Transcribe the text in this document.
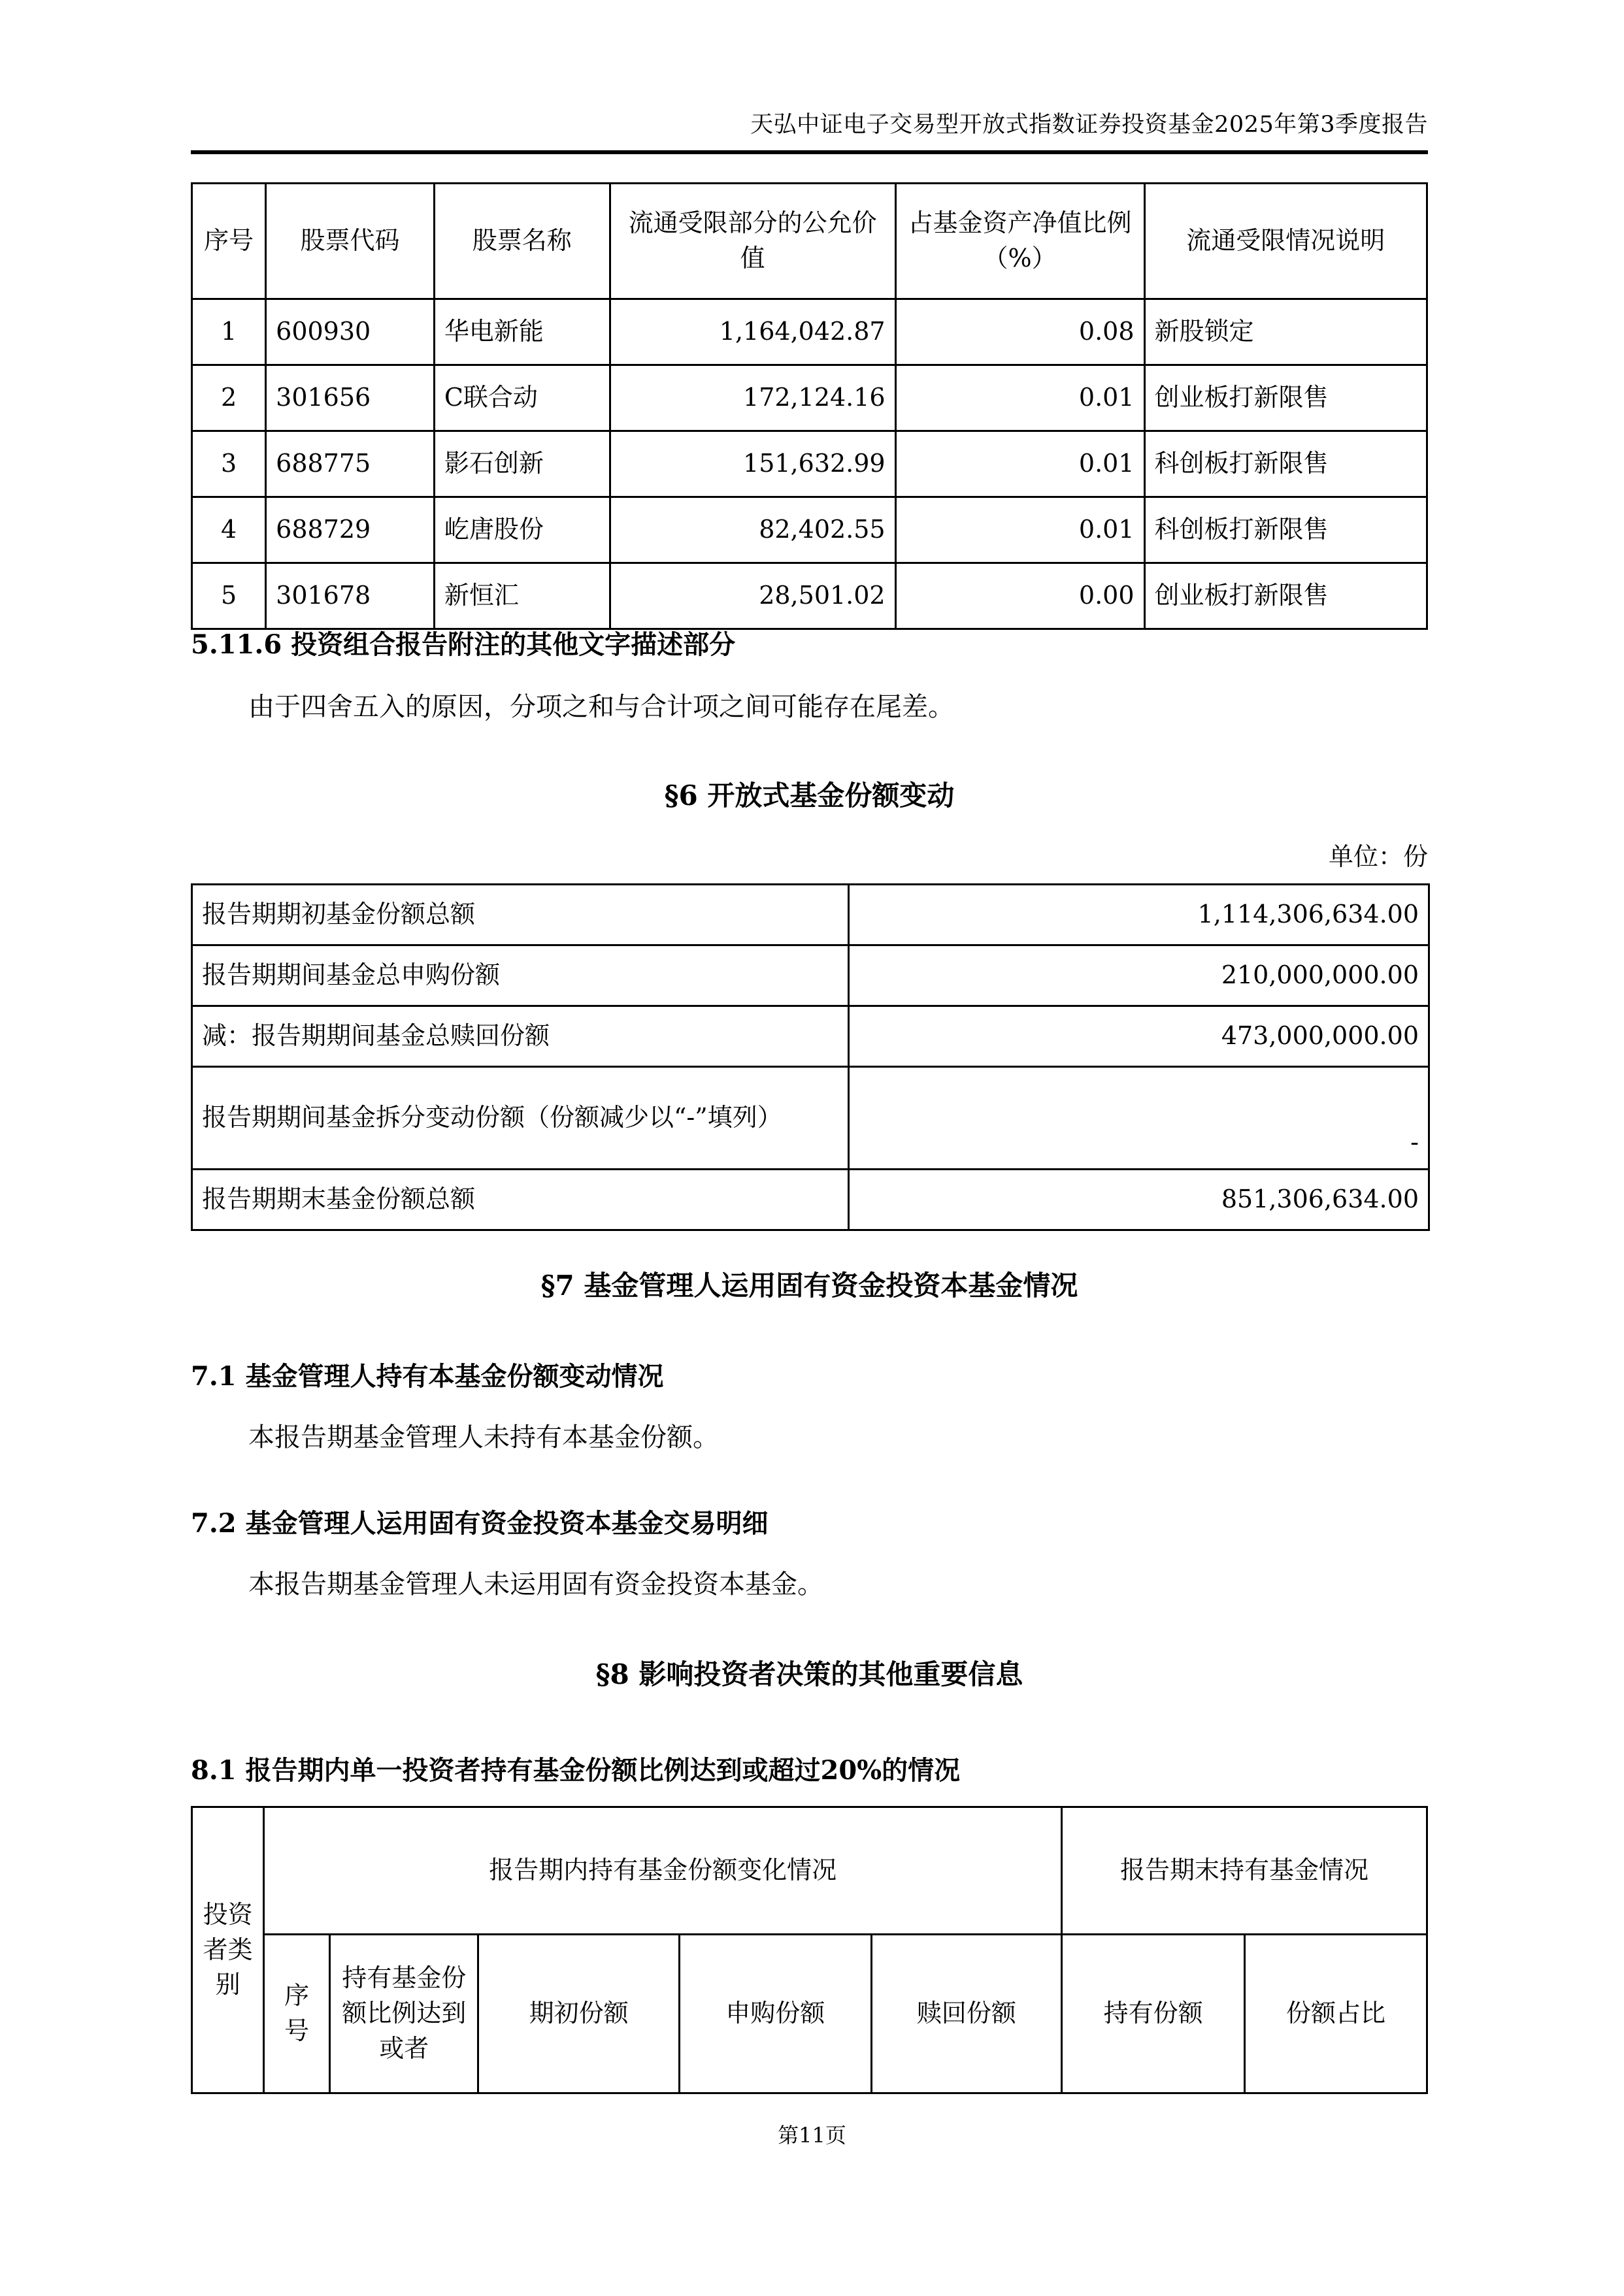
天弘中证电子交易型开放式指数证券投资基金2025年第3季度报告
序号	股票代码	股票名称	流通受限部分的公允价值	占基金资产净值比例（%）	流通受限情况说明
1	600930	华电新能	1,164,042.87	0.08	新股锁定
2	301656	C联合动	172,124.16	0.01	创业板打新限售
3	688775	影石创新	151,632.99	0.01	科创板打新限售
4	688729	屹唐股份	82,402.55	0.01	科创板打新限售
5	301678	新恒汇	28,501.02	0.00	创业板打新限售
5.11.6 投资组合报告附注的其他文字描述部分
由于四舍五入的原因，分项之和与合计项之间可能存在尾差。
§6 开放式基金份额变动
单位：份
报告期期初基金份额总额	1,114,306,634.00
报告期期间基金总申购份额	210,000,000.00
减：报告期期间基金总赎回份额	473,000,000.00
报告期期间基金拆分变动份额（份额减少以“-”填列）	-
报告期期末基金份额总额	851,306,634.00
§7 基金管理人运用固有资金投资本基金情况
7.1 基金管理人持有本基金份额变动情况
本报告期基金管理人未持有本基金份额。
7.2 基金管理人运用固有资金投资本基金交易明细
本报告期基金管理人未运用固有资金投资本基金。
§8 影响投资者决策的其他重要信息
8.1 报告期内单一投资者持有基金份额比例达到或超过20%的情况
投资者类别	报告期内持有基金份额变化情况					报告期末持有基金情况	
	序号	持有基金份额比例达到或者	期初份额	申购份额	赎回份额	持有份额	份额占比
第11页
